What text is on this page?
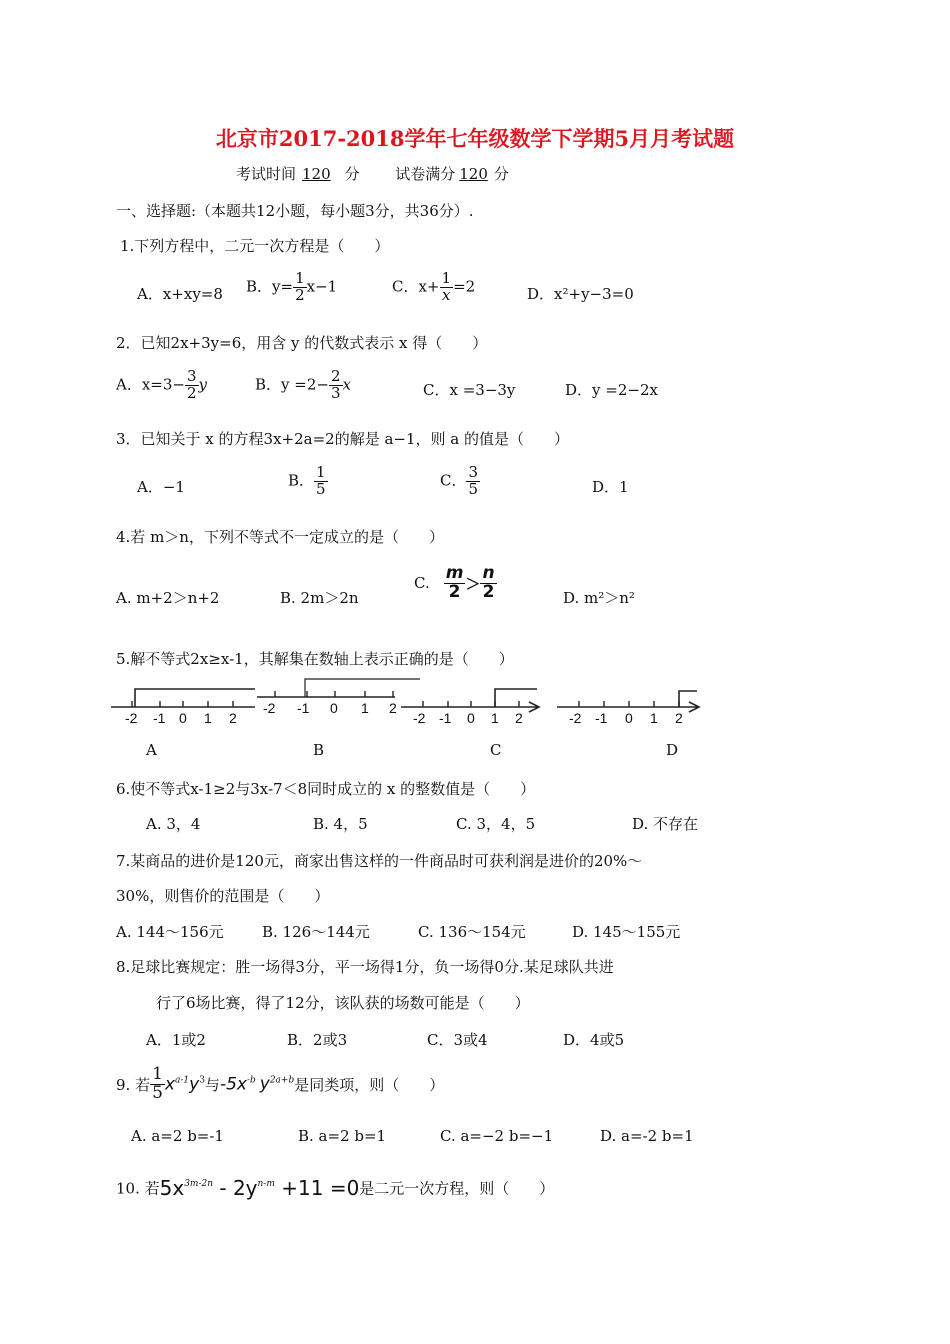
北京市2017-2018学年七年级数学下学期5月月考试题
考试时间 120 分 试卷满分 120 分
一、选择题:（本题共12小题，每小题3分，共36分）.
1.下列方程中，二元一次方程是（　　）
A．x+xy=8 B．$y= \frac{1}{2} x-1$	C．$x+ \frac{1}{x} =2$	D．x²+y−3=0
2．已知2x+3y=6，用含 y 的代数式表示 x 得（　　）
A．$x=3- \frac{3}{2}$ y	B．$y =2- \frac{2}{3}$ x	C．x =3−3y	D．y =2−2x
3．已知关于 x 的方程3x+2a=2的解是 a−1，则 a 的值是（　　）
A．−1	B． $\frac{1}{5}$	C． $\frac{3}{5}$	D．1
4.若 m＞n，下列不等式不一定成立的是（　　）
A. m+2＞n+2	B. 2m＞2n
C. $\frac{m}{2} > \frac{n}{2}$	D. m²＞n²
5.解不等式2x≥x-1，其解集在数轴上表示正确的是（　　）
-2 -1 0 1 2
-2 -1 0 1 2
-2 -1 0 1 2	-2 -1 0 1 2
A	B	C	D
6.使不等式x-1≥2与3x-7＜8同时成立的 x 的整数值是（　　）
A. 3，4	B. 4，5	C. 3，4，5	D. 不存在
7.某商品的进价是120元，商家出售这样的一件商品时可获利润是进价的20%～
30%，则售价的范围是（　　）
A. 144～156元	B. 126～144元	C. 136～154元	D. 145～155元
8.足球比赛规定：胜一场得3分，平一场得1分，负一场得0分.某足球队共进
行了6场比赛，得了12分，该队获的场数可能是（　　）
A．1或2	B．2或3	C．3或4	D．4或5
9. 若 $\frac{1}{5} x^{a-1}y^3$与$-5x^{-b}$ $y^{2a+b}$是同类项，则（　　）
A. a=2 b=-1	B. a=2 b=1	C. a=−2 b=−1	D. a=-2 b=1
10. 若$5x^{3m-2n} - 2y^{n-m} +11 =0$是二元一次方程，则（　　）
